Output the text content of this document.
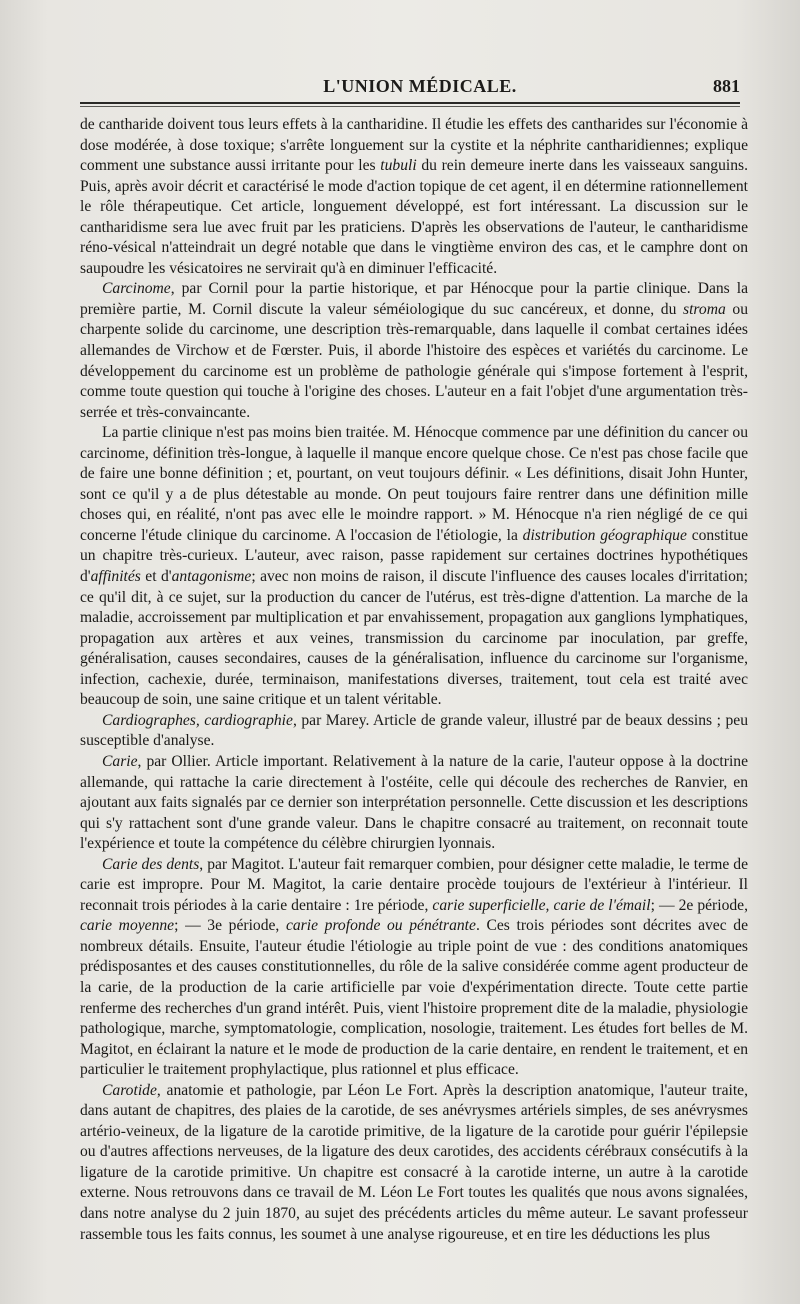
L'UNION MÉDICALE.	881

de cantharide doivent tous leurs effets à la cantharidine. Il étudie les effets des cantharides sur l'économie à dose modérée, à dose toxique; s'arrête longuement sur la cystite et la néphrite cantharidiennes; explique comment une substance aussi irritante pour les tubuli du rein demeure inerte dans les vaisseaux sanguins. Puis, après avoir décrit et caractérisé le mode d'action topique de cet agent, il en détermine rationnellement le rôle thérapeutique. Cet article, longuement développé, est fort intéressant. La discussion sur le cantharidisme sera lue avec fruit par les praticiens. D'après les observations de l'auteur, le cantharidisme réno-vésical n'atteindrait un degré notable que dans le vingtième environ des cas, et le camphre dont on saupoudre les vésicatoires ne servirait qu'à en diminuer l'efficacité.

Carcinome, par Cornil pour la partie historique, et par Hénocque pour la partie clinique. Dans la première partie, M. Cornil discute la valeur séméiologique du suc cancéreux, et donne, du stroma ou charpente solide du carcinome, une description très-remarquable, dans laquelle il combat certaines idées allemandes de Virchow et de Fœrster. Puis, il aborde l'histoire des espèces et variétés du carcinome. Le développement du carcinome est un problème de pathologie générale qui s'impose fortement à l'esprit, comme toute question qui touche à l'origine des choses. L'auteur en a fait l'objet d'une argumentation très-serrée et très-convaincante.

La partie clinique n'est pas moins bien traitée. M. Hénocque commence par une définition du cancer ou carcinome, définition très-longue, à laquelle il manque encore quelque chose. Ce n'est pas chose facile que de faire une bonne définition ; et, pourtant, on veut toujours définir. « Les définitions, disait John Hunter, sont ce qu'il y a de plus détestable au monde. On peut toujours faire rentrer dans une définition mille choses qui, en réalité, n'ont pas avec elle le moindre rapport. » M. Hénocque n'a rien négligé de ce qui concerne l'étude clinique du carcinome. A l'occasion de l'étiologie, la distribution géographique constitue un chapitre très-curieux. L'auteur, avec raison, passe rapidement sur certaines doctrines hypothétiques d'affinités et d'antagonisme; avec non moins de raison, il discute l'influence des causes locales d'irritation; ce qu'il dit, à ce sujet, sur la production du cancer de l'utérus, est très-digne d'attention. La marche de la maladie, accroissement par multiplication et par envahissement, propagation aux ganglions lymphatiques, propagation aux artères et aux veines, transmission du carcinome par inoculation, par greffe, généralisation, causes secondaires, causes de la généralisation, influence du carcinome sur l'organisme, infection, cachexie, durée, terminaison, manifestations diverses, traitement, tout cela est traité avec beaucoup de soin, une saine critique et un talent véritable.

Cardiographes, cardiographie, par Marey. Article de grande valeur, illustré par de beaux dessins ; peu susceptible d'analyse.

Carie, par Ollier. Article important. Relativement à la nature de la carie, l'auteur oppose à la doctrine allemande, qui rattache la carie directement à l'ostéite, celle qui découle des recherches de Ranvier, en ajoutant aux faits signalés par ce dernier son interprétation personnelle. Cette discussion et les descriptions qui s'y rattachent sont d'une grande valeur. Dans le chapitre consacré au traitement, on reconnait toute l'expérience et toute la compétence du célèbre chirurgien lyonnais.

Carie des dents, par Magitot. L'auteur fait remarquer combien, pour désigner cette maladie, le terme de carie est impropre. Pour M. Magitot, la carie dentaire procède toujours de l'extérieur à l'intérieur. Il reconnait trois périodes à la carie dentaire : 1re période, carie superficielle, carie de l'émail; — 2e période, carie moyenne; — 3e période, carie profonde ou pénétrante. Ces trois périodes sont décrites avec de nombreux détails. Ensuite, l'auteur étudie l'étiologie au triple point de vue : des conditions anatomiques prédisposantes et des causes constitutionnelles, du rôle de la salive considérée comme agent producteur de la carie, de la production de la carie artificielle par voie d'expérimentation directe. Toute cette partie renferme des recherches d'un grand intérêt. Puis, vient l'histoire proprement dite de la maladie, physiologie pathologique, marche, symptomatologie, complication, nosologie, traitement. Les études fort belles de M. Magitot, en éclairant la nature et le mode de production de la carie dentaire, en rendent le traitement, et en particulier le traitement prophylactique, plus rationnel et plus efficace.

Carotide, anatomie et pathologie, par Léon Le Fort. Après la description anatomique, l'auteur traite, dans autant de chapitres, des plaies de la carotide, de ses anévrysmes artériels simples, de ses anévrysmes artério-veineux, de la ligature de la carotide primitive, de la ligature de la carotide pour guérir l'épilepsie ou d'autres affections nerveuses, de la ligature des deux carotides, des accidents cérébraux consécutifs à la ligature de la carotide primitive. Un chapitre est consacré à la carotide interne, un autre à la carotide externe. Nous retrouvons dans ce travail de M. Léon Le Fort toutes les qualités que nous avons signalées, dans notre analyse du 2 juin 1870, au sujet des précédents articles du même auteur. Le savant professeur rassemble tous les faits connus, les soumet à une analyse rigoureuse, et en tire les déductions les plus
